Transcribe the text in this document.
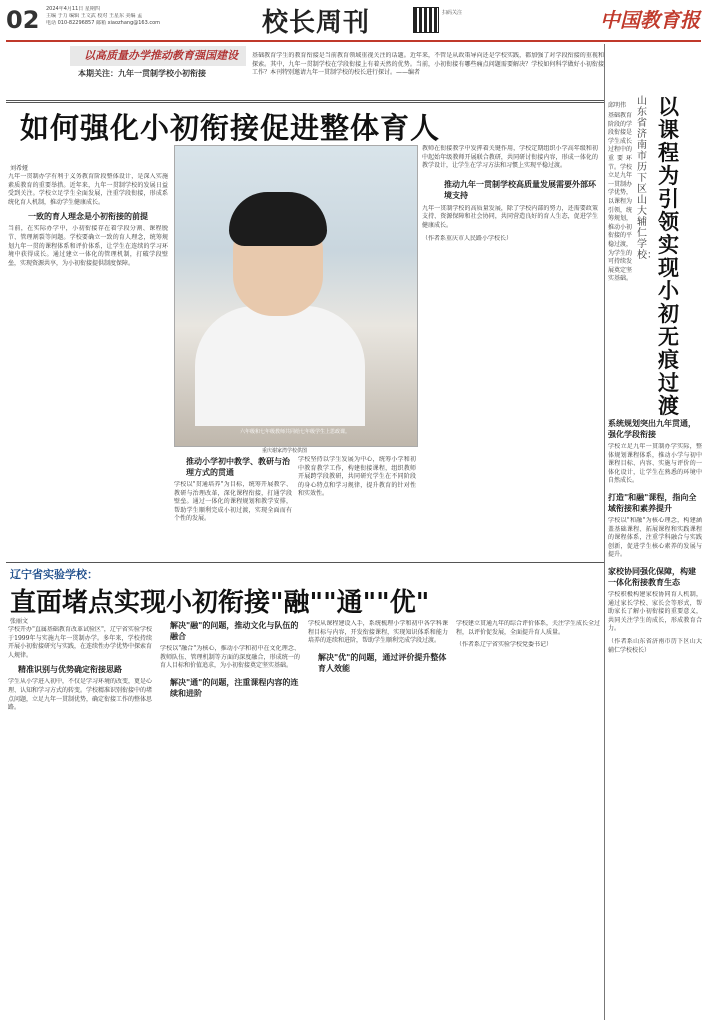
02 2024年4月11日 星期四
主编 于力 编辑 王文武 校对 王星东 美编 孟
电话 010-82296857 邮箱 xiaozhang@163.com	校长周刊	扫码关注	中国教育报
以高质量办学推动教育强国建设
本期关注：九年一贯制学校小初衔接
基础教育学生的教育衔接是当前教育领域重视关注的话题。近年来，不管是从政策导向还是学校实践，都加强了对学段衔接的重视和探索。其中，九年一贯制学校在学段衔接上有着天然的优势。当前，小初衔接有哪些痛点问题需要解决？学校如何科学做好小初衔接工作？本刊特别邀请九年一贯制学校的校长进行探讨。——编者
如何强化小初衔接促进整体育人
刘希娅
九年一贯制办学有利于义务教育阶段整体设计，是深入实施素质教育的重要举措。近年来，九年一贯制学校的发展日益受到关注。学校立足学生全面发展，注重学段衔接，形成系统化育人机制，推动学生健康成长。
一致的育人理念是小初衔接的前提
当前，在实际办学中，小初衔接存在着学段分割、课程脱节、管理割裂等问题。学校要确立一致的育人理念，统筹规划九年一贯的课程体系和评价体系，让学生在连续的学习环境中获得成长。通过建立一体化的管理机制，打破学段壁垒，实现资源共享，为小初衔接提供制度保障。
六年级和七年级教师共同给七年级学生上思政课。
重庆谢家湾学校供图
推动小学初中教学、教研与治理方式的贯通
学校以"贯通培养"为目标，统筹开展教学、教研与治理改革，深化课程衔接，打通学段壁垒。通过一体化的课程规划和教学安排，帮助学生顺利完成小初过渡，实现全面而有个性的发展。
学校坚持以学生发展为中心，统筹小学和初中教育教学工作，构建衔接课程，组织教师开展跨学段教研，共同研究学生在不同阶段的身心特点和学习规律，提升教育的针对性和实效性。
教师在衔接教学中发挥着关键作用，学校定期组织小学高年级和初中起始年级教师开展联合教研，共同研讨衔接内容，形成一体化的教学设计，让学生在学习方法和习惯上实现平稳过渡。
推动九年一贯制学校高质量发展需要外部环境支持
九年一贯制学校的高质量发展，除了学校内部的努力，还需要政策支持、资源保障和社会协同，共同营造良好的育人生态，促进学生健康成长。
（作者系重庆市人民路小学校长）
邱明伟 山东省济南市历下区山大辅仁学校：
以课程为引领实现小初无痕过渡
基础教育阶段的学段衔接是学生成长过程中的重要环节。学校立足九年一贯制办学优势，以课程为引领，统筹规划，推动小初衔接的平稳过渡，为学生的可持续发展奠定坚实基础。
系统规划突出九年贯通，强化学段衔接
学校立足九年一贯制办学实际，整体规划课程体系，推动小学与初中课程目标、内容、实施与评价的一体化设计，让学生在熟悉的环境中自然成长。
打造"和融"课程，指向全域衔接和素养提升
学校以"和融"为核心理念，构建涵盖基础课程、拓展课程和实践课程的课程体系，注重学科融合与实践创新，促进学生核心素养的发展与提升。
家校协同强化保障，构建一体化衔接教育生态
学校积极构建家校协同育人机制，通过家长学校、家长会等形式，帮助家长了解小初衔接的重要意义，共同关注学生的成长，形成教育合力。
（作者系山东省济南市历下区山大辅仁学校校长）
辽宁省实验学校：
直面堵点实现小初衔接"融""通""优"
张丽文
学校开办"直属基础教育改革试验区"，辽宁省实验学校于1999年与实施九年一贯制办学。多年来，学校持续开展小初衔接研究与实践，在连续性办学优势中探索育人规律。
精准识别与优势确定衔接思路
学生从小学进入初中，不仅是学习环境的改变，更是心理、认知和学习方式的转变。学校精准识别衔接中的堵点问题，立足九年一贯制优势，确定衔接工作的整体思路。
解决"融"的问题，推动文化与队伍的融合
学校以"融合"为核心，推动小学和初中在文化理念、教师队伍、管理机制等方面的深度融合，形成统一的育人目标和价值追求，为小初衔接奠定坚实基础。
解决"通"的问题，注重课程内容的连续和进阶
学校从课程建设入手，系统梳理小学和初中各学科课程目标与内容，开发衔接课程，实现知识体系和能力培养的连续和进阶，帮助学生顺利完成学段过渡。
解决"优"的问题，通过评价提升整体育人效能
学校建立贯通九年的综合评价体系，关注学生成长全过程，以评价促发展，全面提升育人质量。
（作者系辽宁省实验学校党委书记）
